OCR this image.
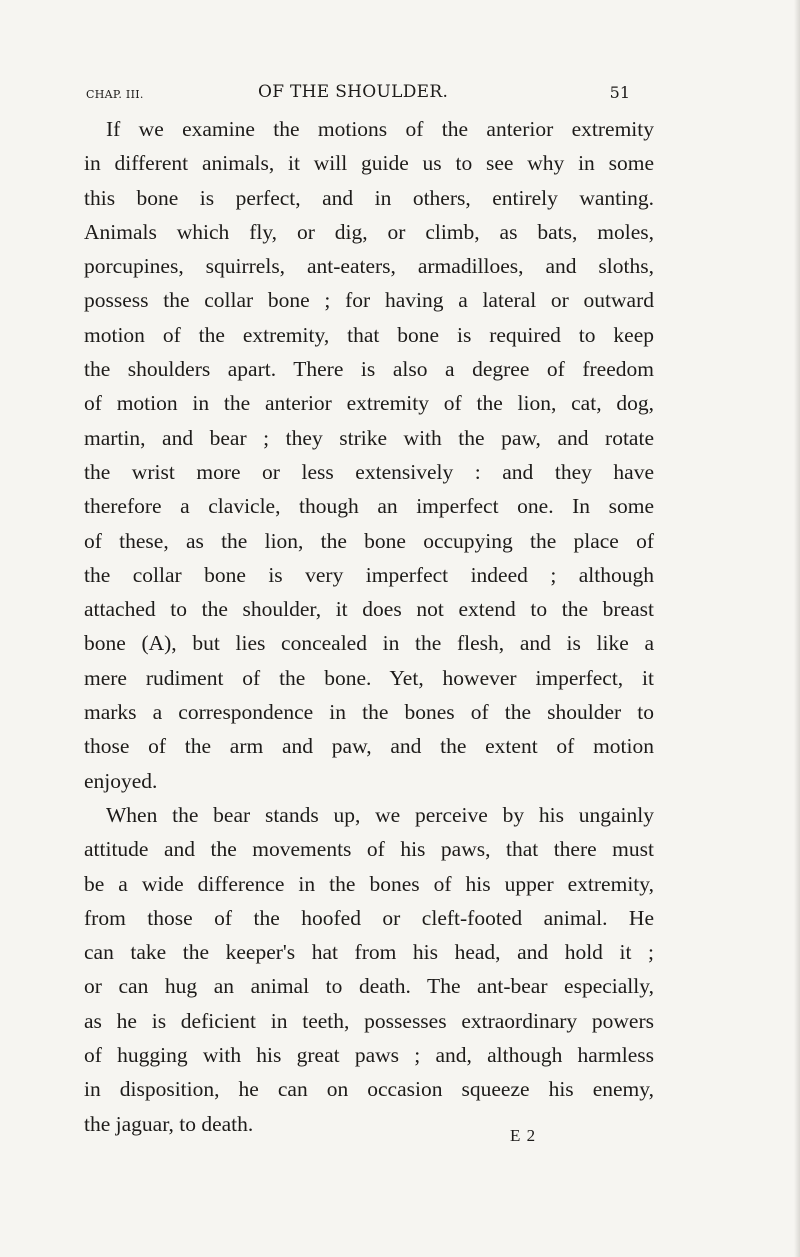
CHAP. III.	OF THE SHOULDER.	51
If we examine the motions of the anterior extremity
in different animals, it will guide us to see why in some
this bone is perfect, and in others, entirely wanting.
Animals which fly, or dig, or climb, as bats, moles,
porcupines, squirrels, ant-eaters, armadilloes, and sloths,
possess the collar bone ; for having a lateral or outward
motion of the extremity, that bone is required to keep
the shoulders apart. There is also a degree of freedom
of motion in the anterior extremity of the lion, cat, dog,
martin, and bear ; they strike with the paw, and rotate
the wrist more or less extensively : and they have
therefore a clavicle, though an imperfect one. In some
of these, as the lion, the bone occupying the place of
the collar bone is very imperfect indeed ; although
attached to the shoulder, it does not extend to the breast
bone (A), but lies concealed in the flesh, and is like a
mere rudiment of the bone. Yet, however imperfect, it
marks a correspondence in the bones of the shoulder to
those of the arm and paw, and the extent of motion
enjoyed.
When the bear stands up, we perceive by his ungainly
attitude and the movements of his paws, that there must
be a wide difference in the bones of his upper extremity,
from those of the hoofed or cleft-footed animal. He
can take the keeper's hat from his head, and hold it ;
or can hug an animal to death. The ant-bear especially,
as he is deficient in teeth, possesses extraordinary powers
of hugging with his great paws ; and, although harmless
in disposition, he can on occasion squeeze his enemy,
the jaguar, to death.	E 2
